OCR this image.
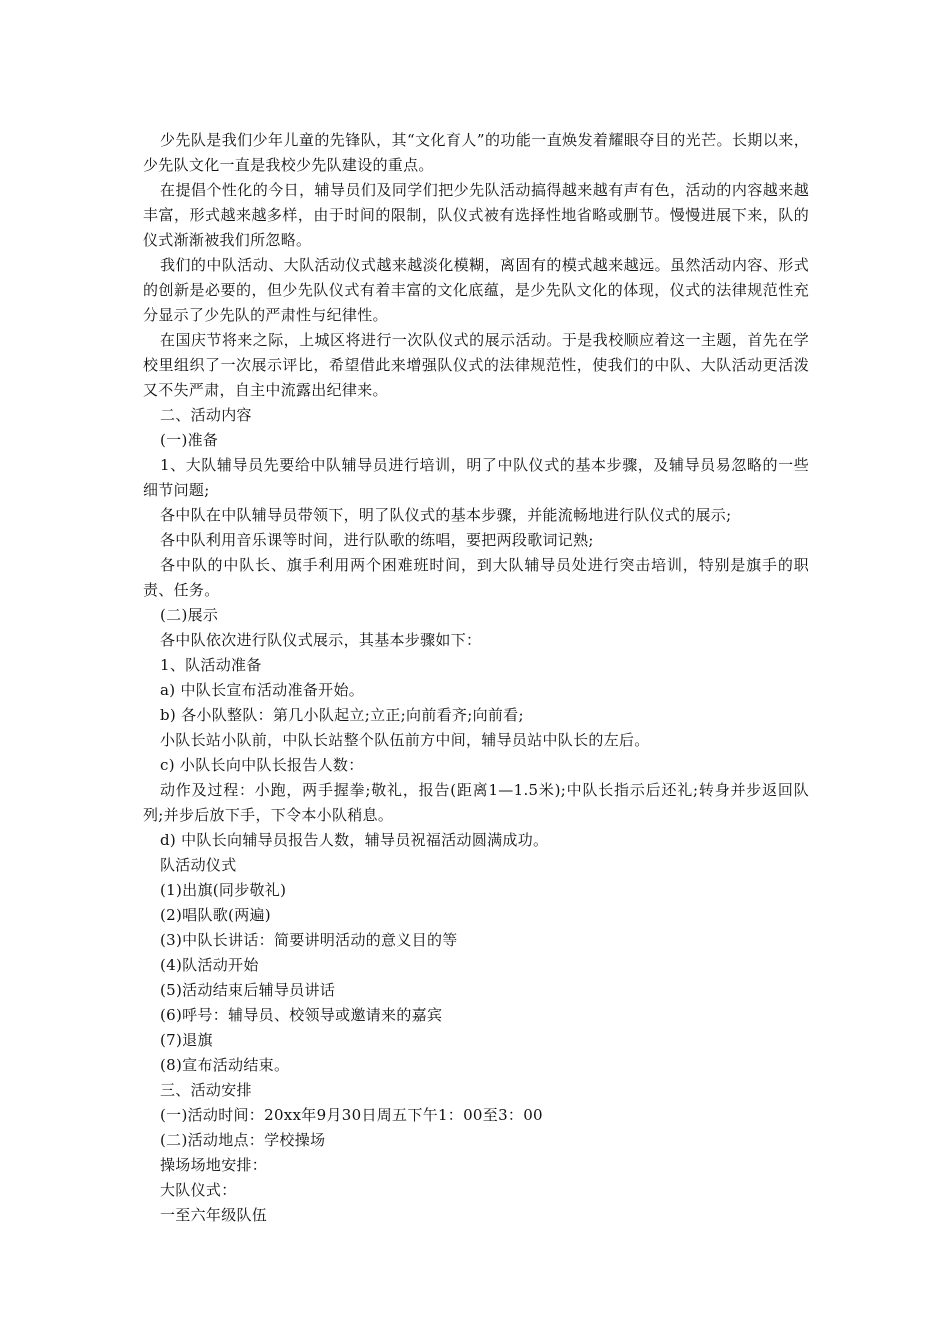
少先队是我们少年儿童的先锋队，其“文化育人”的功能一直焕发着耀眼夺目的光芒。长期以来，少先队文化一直是我校少先队建设的重点。

在提倡个性化的今日，辅导员们及同学们把少先队活动搞得越来越有声有色，活动的内容越来越丰富，形式越来越多样，由于时间的限制，队仪式被有选择性地省略或删节。慢慢进展下来，队的仪式渐渐被我们所忽略。

我们的中队活动、大队活动仪式越来越淡化模糊，离固有的模式越来越远。虽然活动内容、形式的创新是必要的，但少先队仪式有着丰富的文化底蕴，是少先队文化的体现，仪式的法律规范性充分显示了少先队的严肃性与纪律性。

在国庆节将来之际，上城区将进行一次队仪式的展示活动。于是我校顺应着这一主题，首先在学校里组织了一次展示评比，希望借此来增强队仪式的法律规范性，使我们的中队、大队活动更活泼又不失严肃，自主中流露出纪律来。

二、活动内容

(一)准备

1、大队辅导员先要给中队辅导员进行培训，明了中队仪式的基本步骤，及辅导员易忽略的一些细节问题;

各中队在中队辅导员带领下，明了队仪式的基本步骤，并能流畅地进行队仪式的展示;

各中队利用音乐课等时间，进行队歌的练唱，要把两段歌词记熟;

各中队的中队长、旗手利用两个困难班时间，到大队辅导员处进行突击培训，特别是旗手的职责、任务。

(二)展示

各中队依次进行队仪式展示，其基本步骤如下：

1、队活动准备

a) 中队长宣布活动准备开始。

b) 各小队整队：第几小队起立;立正;向前看齐;向前看;

小队长站小队前，中队长站整个队伍前方中间，辅导员站中队长的左后。

c) 小队长向中队长报告人数：

动作及过程：小跑，两手握拳;敬礼，报告(距离1—1.5米);中队长指示后还礼;转身并步返回队列;并步后放下手，下令本小队稍息。

d) 中队长向辅导员报告人数，辅导员祝福活动圆满成功。

队活动仪式

(1)出旗(同步敬礼)

(2)唱队歌(两遍)

(3)中队长讲话：简要讲明活动的意义目的等

(4)队活动开始

(5)活动结束后辅导员讲话

(6)呼号：辅导员、校领导或邀请来的嘉宾

(7)退旗

(8)宣布活动结束。

三、活动安排

(一)活动时间：20xx年9月30日周五下午1：00至3：00

(二)活动地点：学校操场

操场场地安排：

大队仪式：

一至六年级队伍
